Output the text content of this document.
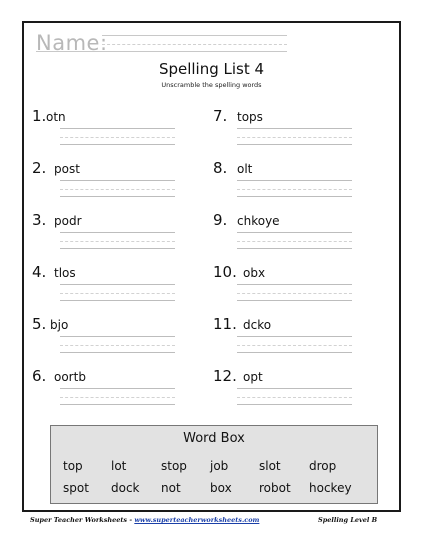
Name:
Spelling List 4
Unscramble the spelling words
1. otn
2. post
3. podr
4. tlos
5. bjo
6. oortb
7. tops
8. olt
9. chkoye
10. obx
11. dcko
12. opt
Word Box
top lot	stop job	slot drop
spot dock not box robot hockey
Super Teacher Worksheets - www.superteacherworksheets.com	Spelling Level B
